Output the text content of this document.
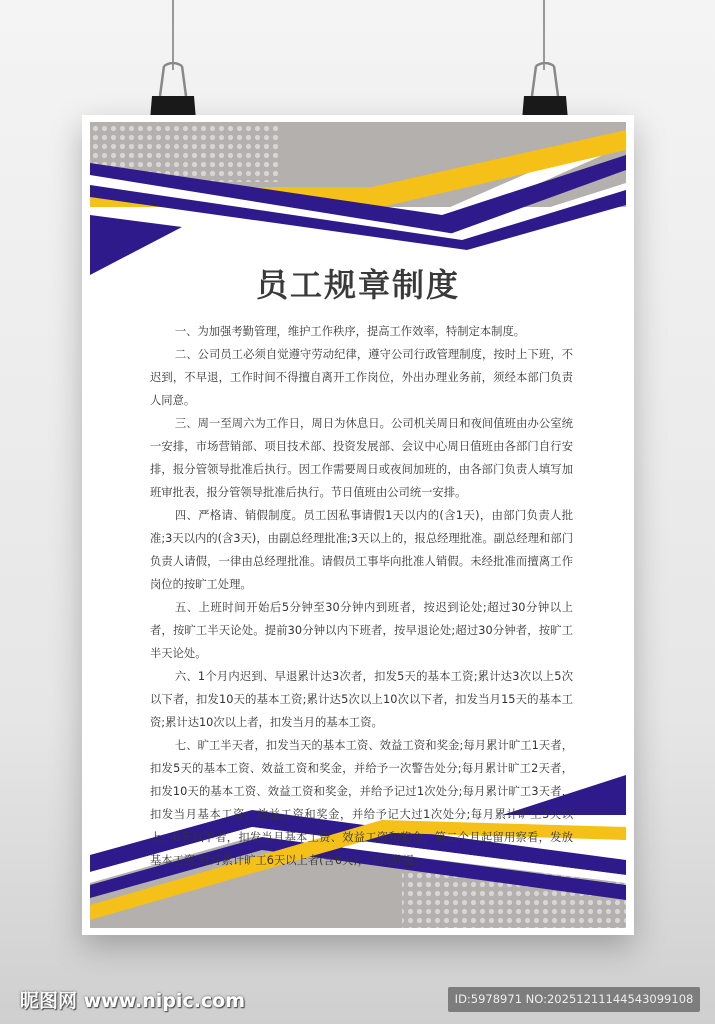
员工规章制度

一、为加强考勤管理，维护工作秩序，提高工作效率，特制定本制度。

二、公司员工必须自觉遵守劳动纪律，遵守公司行政管理制度，按时上下班，不迟到，不早退，工作时间不得擅自离开工作岗位，外出办理业务前，须经本部门负责人同意。

三、周一至周六为工作日，周日为休息日。公司机关周日和夜间值班由办公室统一安排，市场营销部、项目技术部、投资发展部、会议中心周日值班由各部门自行安排，报分管领导批准后执行。因工作需要周日或夜间加班的，由各部门负责人填写加班审批表，报分管领导批准后执行。节日值班由公司统一安排。

四、严格请、销假制度。员工因私事请假1天以内的(含1天)，由部门负责人批准;3天以内的(含3天)，由副总经理批准;3天以上的，报总经理批准。副总经理和部门负责人请假，一律由总经理批准。请假员工事毕向批准人销假。未经批准而擅离工作岗位的按旷工处理。

五、上班时间开始后5分钟至30分钟内到班者，按迟到论处;超过30分钟以上者，按旷工半天论处。提前30分钟以内下班者，按早退论处;超过30分钟者，按旷工半天论处。

六、1个月内迟到、早退累计达3次者，扣发5天的基本工资;累计达3次以上5次以下者，扣发10天的基本工资;累计达5次以上10次以下者，扣发当月15天的基本工资;累计达10次以上者，扣发当月的基本工资。

七、旷工半天者，扣发当天的基本工资、效益工资和奖金;每月累计旷工1天者，扣发5天的基本工资、效益工资和奖金，并给予一次警告处分;每月累计旷工2天者，扣发10天的基本工资、效益工资和奖金，并给予记过1次处分;每月累计旷工3天者，扣发当月基本工资、效益工资和奖金，并给予记大过1次处分;每月累计旷工3天以上，6天以下者，扣发当月基本工资、效益工资和奖金，第二个月起留用察看，发放基本工资;每月累计旷工6天以上者(含6天)，予以辞退。

昵图网 www.nipic.com	ID:5978971 NO:20251211144543099108
